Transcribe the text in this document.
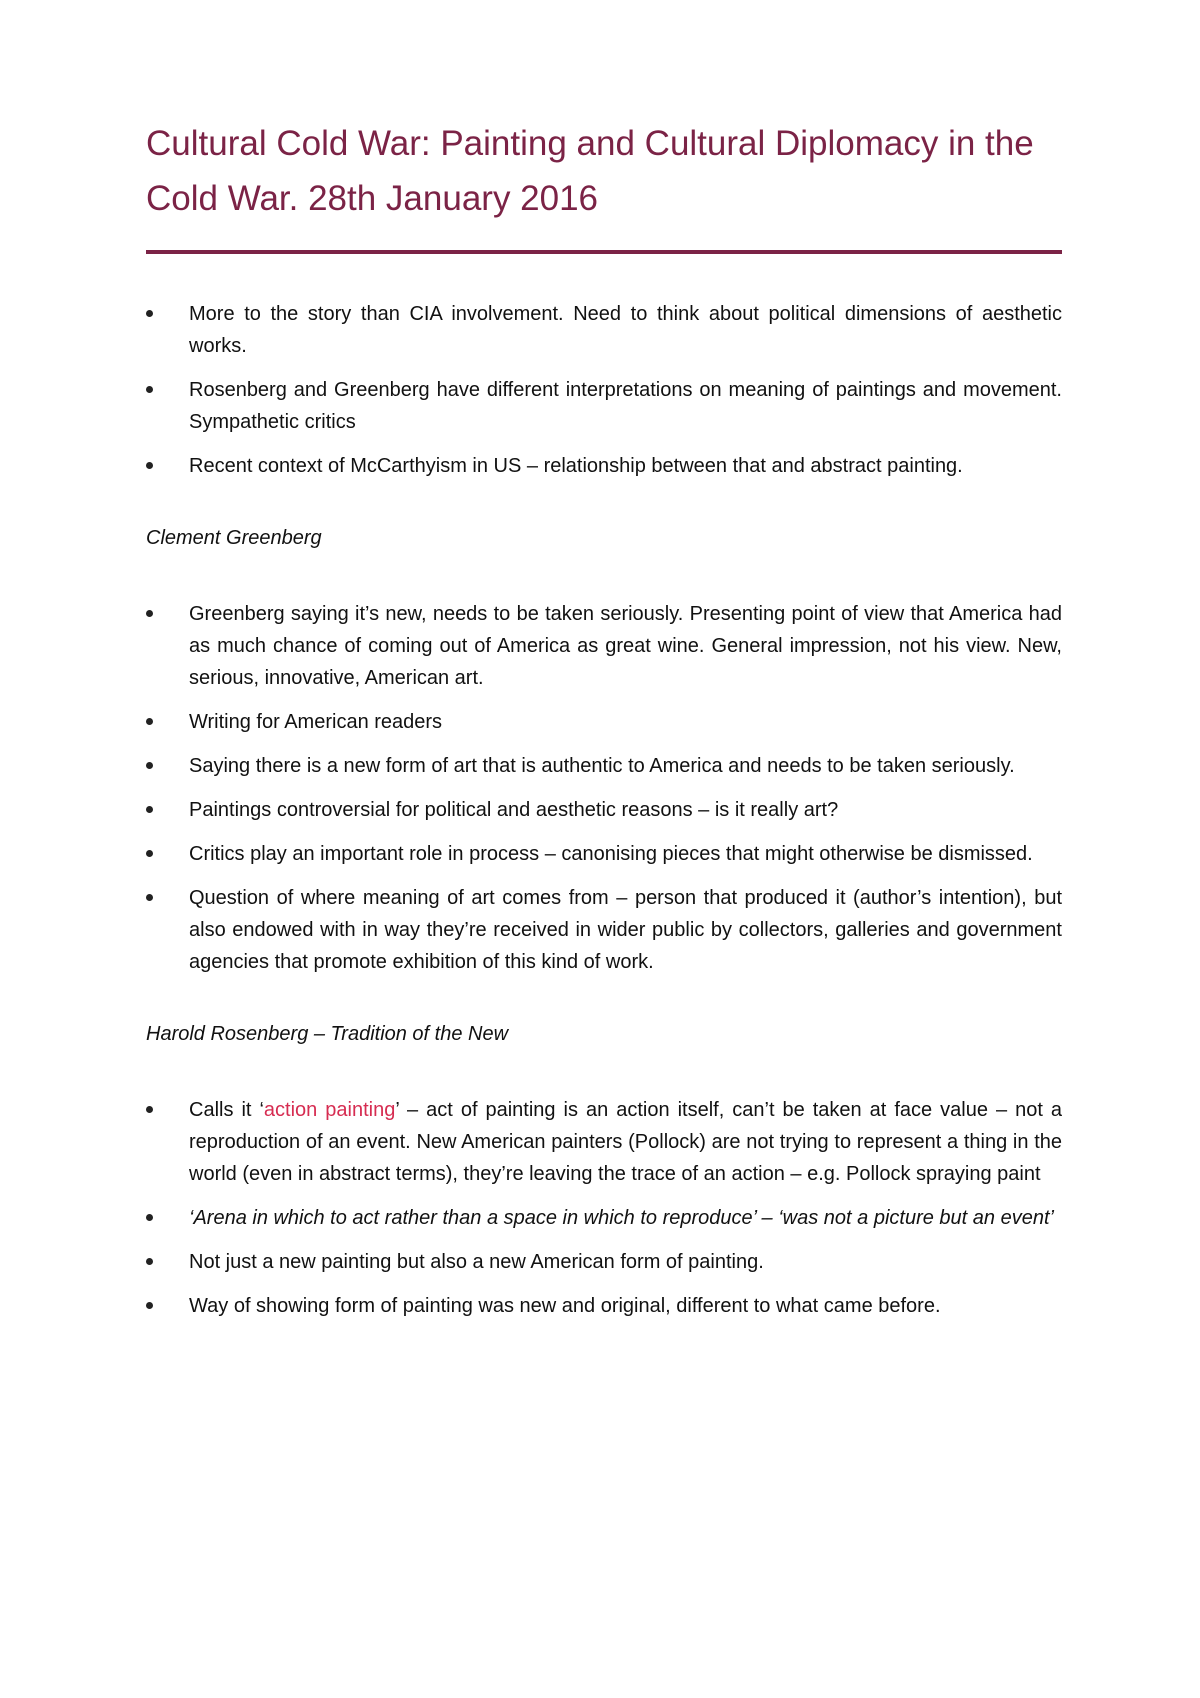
Cultural Cold War: Painting and Cultural Diplomacy in the Cold War. 28th January 2016
More to the story than CIA involvement. Need to think about political dimensions of aesthetic works.
Rosenberg and Greenberg have different interpretations on meaning of paintings and movement. Sympathetic critics
Recent context of McCarthyism in US – relationship between that and abstract painting.
Clement Greenberg
Greenberg saying it’s new, needs to be taken seriously. Presenting point of view that America had as much chance of coming out of America as great wine. General impression, not his view. New, serious, innovative, American art.
Writing for American readers
Saying there is a new form of art that is authentic to America and needs to be taken seriously.
Paintings controversial for political and aesthetic reasons – is it really art?
Critics play an important role in process – canonising pieces that might otherwise be dismissed.
Question of where meaning of art comes from – person that produced it (author’s intention), but also endowed with in way they’re received in wider public by collectors, galleries and government agencies that promote exhibition of this kind of work.
Harold Rosenberg – Tradition of the New
Calls it ‘action painting’ – act of painting is an action itself, can’t be taken at face value – not a reproduction of an event. New American painters (Pollock) are not trying to represent a thing in the world (even in abstract terms), they’re leaving the trace of an action – e.g. Pollock spraying paint
‘Arena in which to act rather than a space in which to reproduce’ – ‘was not a picture but an event’
Not just a new painting but also a new American form of painting.
Way of showing form of painting was new and original, different to what came before.
